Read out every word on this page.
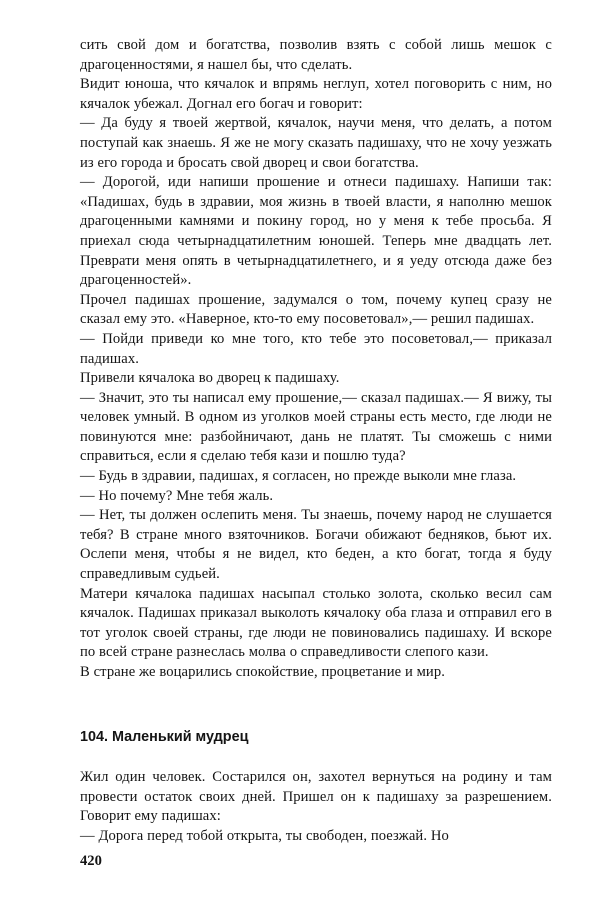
сить свой дом и богатства, позволив взять с собой лишь мешок с драгоценностями, я нашел бы, что сделать.

Видит юноша, что кячалок и впрямь неглуп, хотел поговорить с ним, но кячалок убежал. Догнал его богач и говорит:

— Да буду я твоей жертвой, кячалок, научи меня, что делать, а потом поступай как знаешь. Я же не могу сказать падишаху, что не хочу уезжать из его города и бросать свой дворец и свои богатства.

— Дорогой, иди напиши прошение и отнеси падишаху. Напиши так: «Падишах, будь в здравии, моя жизнь в твоей власти, я наполню мешок драгоценными камнями и покину город, но у меня к тебе просьба. Я приехал сюда четырнадцатилетним юношей. Теперь мне двадцать лет. Преврати меня опять в четырнадцатилетнего, и я уеду отсюда даже без драгоценностей».

Прочел падишах прошение, задумался о том, почему купец сразу не сказал ему это. «Наверное, кто-то ему посоветовал»,— решил падишах.

— Пойди приведи ко мне того, кто тебе это посоветовал,— приказал падишах.

Привели кячалока во дворец к падишаху.

— Значит, это ты написал ему прошение,— сказал падишах.— Я вижу, ты человек умный. В одном из уголков моей страны есть место, где люди не повинуются мне: разбойничают, дань не платят. Ты сможешь с ними справиться, если я сделаю тебя кази и пошлю туда?

— Будь в здравии, падишах, я согласен, но прежде выколи мне глаза.

— Но почему? Мне тебя жаль.

— Нет, ты должен ослепить меня. Ты знаешь, почему народ не слушается тебя? В стране много взяточников. Богачи обижают бедняков, бьют их. Ослепи меня, чтобы я не видел, кто беден, а кто богат, тогда я буду справедливым судьей.

Матери кячалока падишах насыпал столько золота, сколько весил сам кячалок. Падишах приказал выколоть кячалоку оба глаза и отправил его в тот уголок своей страны, где люди не повиновались падишаху. И вскоре по всей стране разнеслась молва о справедливости слепого кази.

В стране же воцарились спокойствие, процветание и мир.

104. Маленький мудрец

Жил один человек. Состарился он, захотел вернуться на родину и там провести остаток своих дней. Пришел он к падишаху за разрешением. Говорит ему падишах:

— Дорога перед тобой открыта, ты свободен, поезжай. Но

420
